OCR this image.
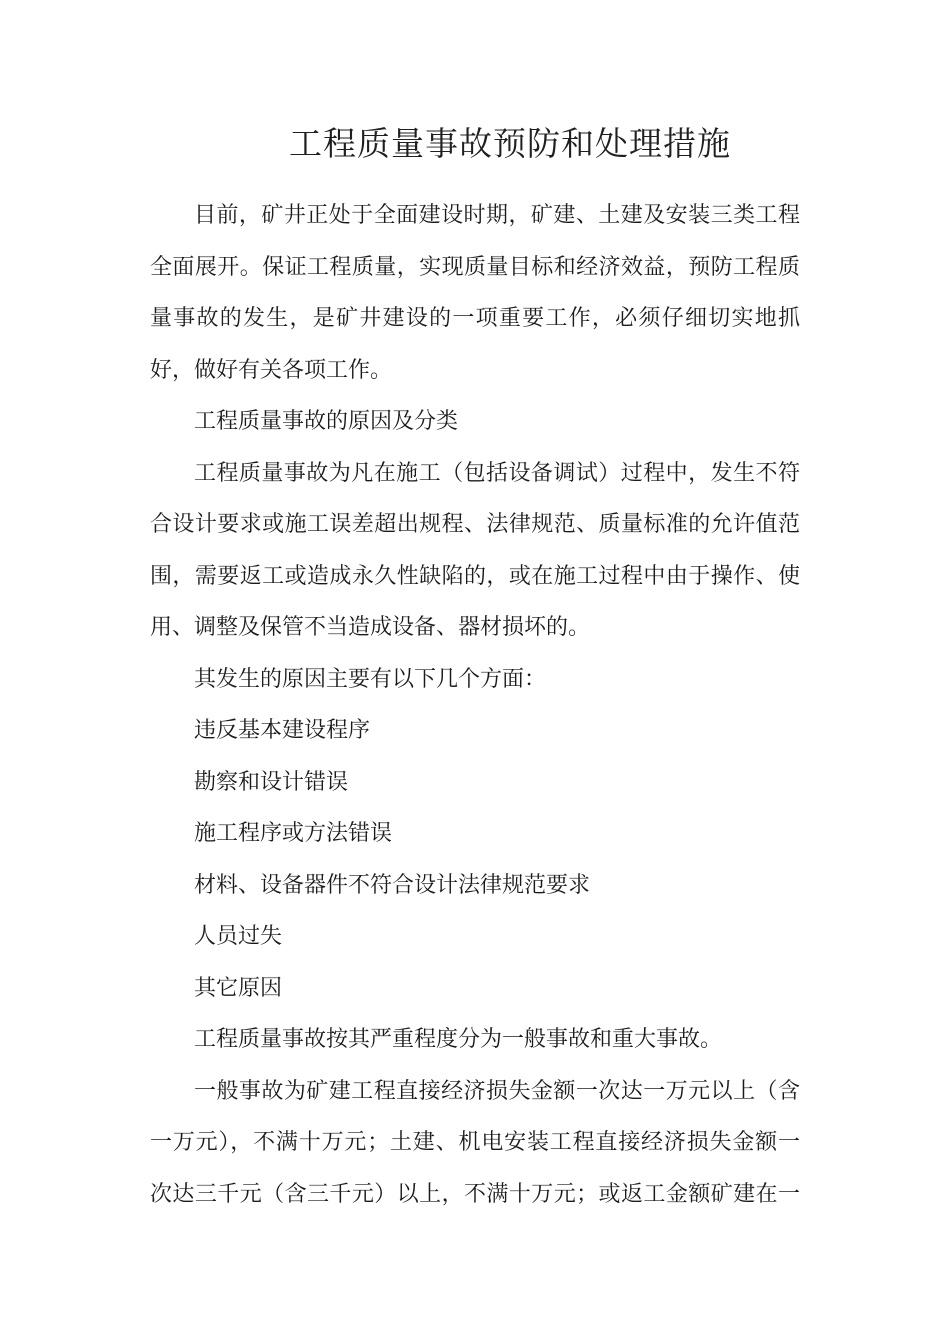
工程质量事故预防和处理措施
目前，矿井正处于全面建设时期，矿建、土建及安装三类工程
全面展开。保证工程质量，实现质量目标和经济效益，预防工程质
量事故的发生，是矿井建设的一项重要工作，必须仔细切实地抓
好，做好有关各项工作。
工程质量事故的原因及分类
工程质量事故为凡在施工（包括设备调试）过程中，发生不符
合设计要求或施工误差超出规程、法律规范、质量标准的允许值范
围，需要返工或造成永久性缺陷的，或在施工过程中由于操作、使
用、调整及保管不当造成设备、器材损坏的。
其发生的原因主要有以下几个方面：
违反基本建设程序
勘察和设计错误
施工程序或方法错误
材料、设备器件不符合设计法律规范要求
人员过失
其它原因
工程质量事故按其严重程度分为一般事故和重大事故。
一般事故为矿建工程直接经济损失金额一次达一万元以上（含
一万元），不满十万元；土建、机电安装工程直接经济损失金额一
次达三千元（含三千元）以上，不满十万元；或返工金额矿建在一
